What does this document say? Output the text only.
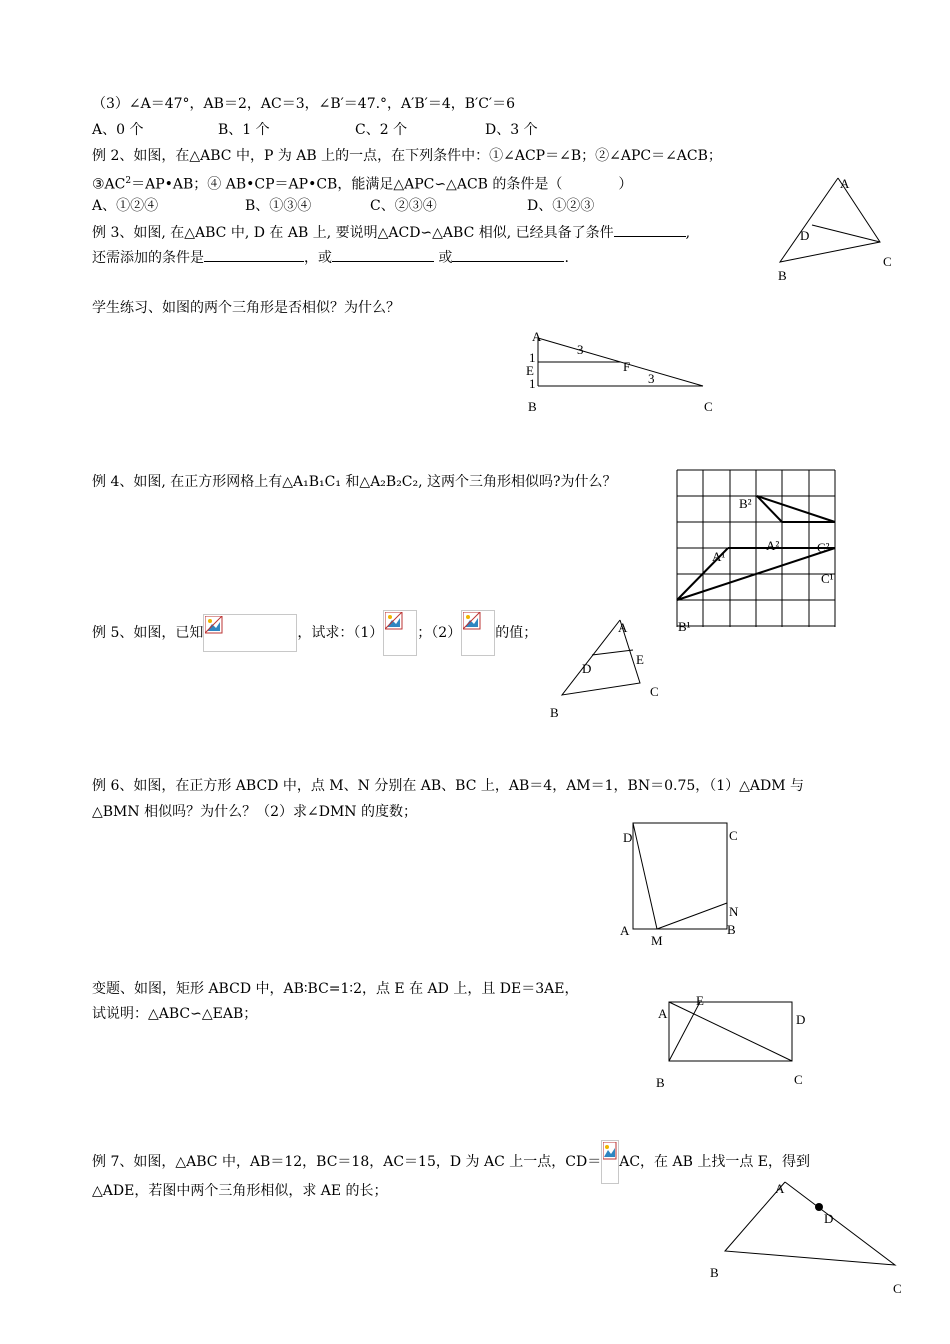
（3）∠A＝47°，AB＝2，AC＝3，∠B′＝47.°，A′B′＝4，B′C′＝6
A、0 个	B、1 个	C、2 个	D、3 个
例 2、如图，在△ABC 中，P 为 AB 上的一点，在下列条件中：①∠ACP＝∠B；②∠APC＝∠ACB；
$③AC^2=AP•AB$；④ AB•CP＝AP•CB，能满足△APC∽△ACB 的条件是（　　　　）
A、①②④	B、①③④	C、②③④	D、①②③
例 3、如图, 在△ABC 中, D 在 AB 上, 要说明△ACD∽△ABC 相似, 已经具备了条件	,
还需添加的条件是	，或	或	.
学生练习、如图的两个三角形是否相似？为什么？
例 4、如图, 在正方形网格上有△A₁B₁C₁ 和△A₂B₂C₂, 这两个三角形相似吗?为什么？
例 5、如图，已知	，试求：（1） ；（2） 的值；
例 6、如图，在正方形 ABCD 中，点 M、N 分别在 AB、BC 上，AB＝4，AM＝1，BN＝0.75，（1）△ADM 与
△BMN 相似吗？为什么？（2）求∠DMN 的度数；
变题、如图，矩形 ABCD 中，AB∶BC=1∶2，点 E 在 AD 上，且 DE＝3AE，
试说明：△ABC∽△EAB；
例 7、如图，△ABC 中，AB＝12，BC＝18，AC＝15，D 为 AC 上一点，CD＝ AC，在 AB 上找一点 E，得到
△ADE，若图中两个三角形相似，求 AE 的长；
A
D
B
C
A
1
E
1
B	C
3
F
3
B²
A²	C²
A¹
C¹
B¹
A
D
E
B
C
D	C
N
A	B
M
A
E
D
B	C
A
D
B
C
